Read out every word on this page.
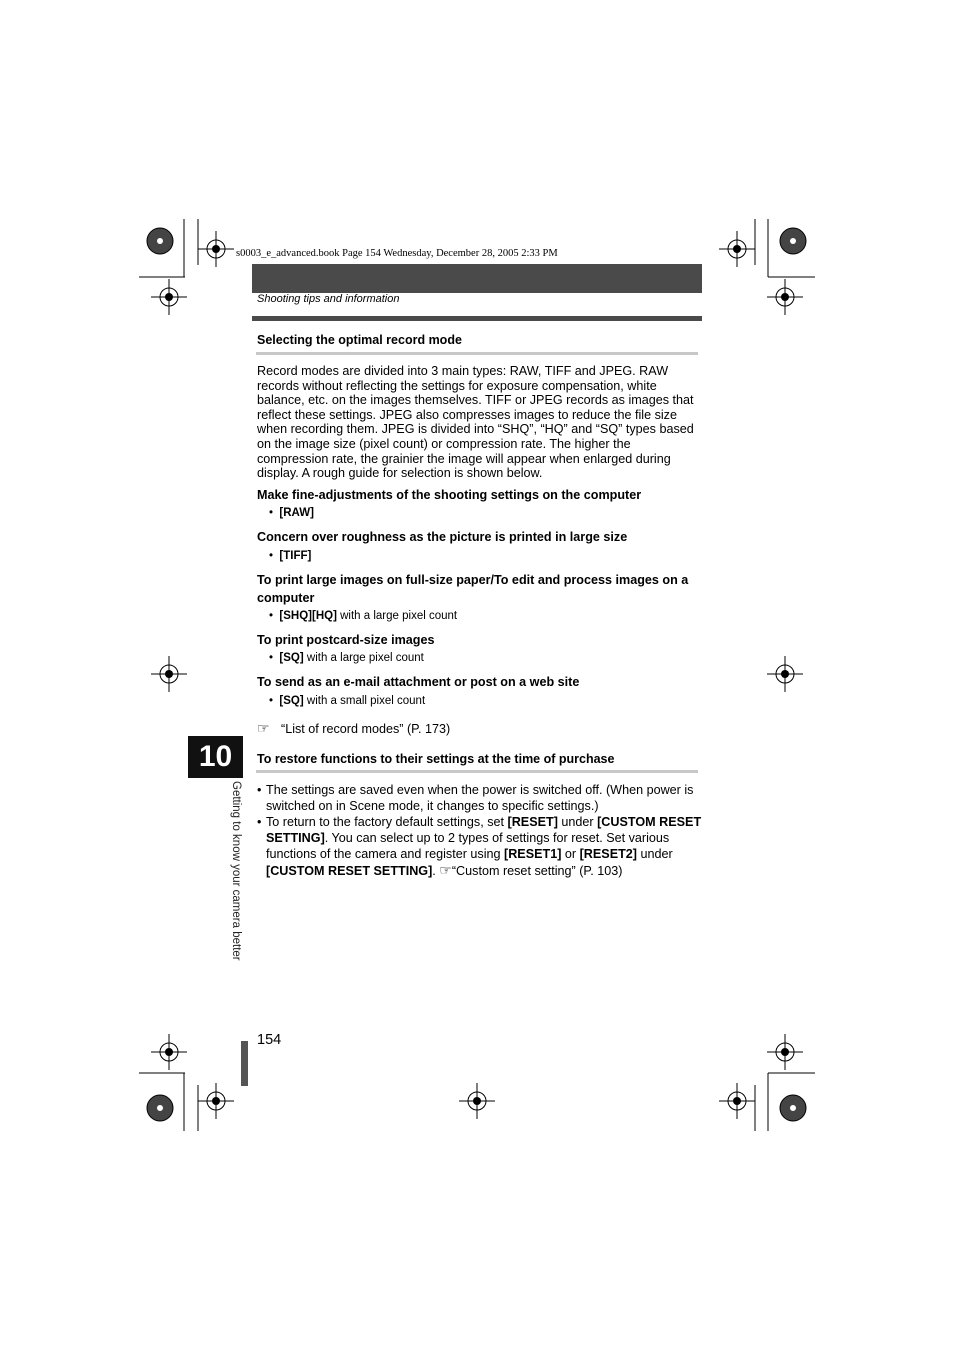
s0003_e_advanced.book Page 154 Wednesday, December 28, 2005 2:33 PM
Shooting tips and information
Selecting the optimal record mode
Record modes are divided into 3 main types: RAW, TIFF and JPEG. RAW records without reflecting the settings for exposure compensation, white balance, etc. on the images themselves. TIFF or JPEG records as images that reflect these settings. JPEG also compresses images to reduce the file size when recording them. JPEG is divided into “SHQ”, “HQ” and “SQ” types based on the image size (pixel count) or compression rate. The higher the compression rate, the grainier the image will appear when enlarged during display. A rough guide for selection is shown below.
Make fine-adjustments of the shooting settings on the computer
•  [RAW]
Concern over roughness as the picture is printed in large size
•  [TIFF]
To print large images on full-size paper/To edit and process images on a computer
•  [SHQ][HQ] with a large pixel count
To print postcard-size images
•  [SQ] with a large pixel count
To send as an e-mail attachment or post on a web site
•  [SQ] with a small pixel count
☞ “List of record modes” (P. 173)
To restore functions to their settings at the time of purchase
• The settings are saved even when the power is switched off. (When power is switched on in Scene mode, it changes to specific settings.)
• To return to the factory default settings, set [RESET] under [CUSTOM RESET SETTING]. You can select up to 2 types of settings for reset. Set various functions of the camera and register using [RESET1] or [RESET2] under [CUSTOM RESET SETTING]. ☞“Custom reset setting” (P. 103)
10
Getting to know your camera better
154
